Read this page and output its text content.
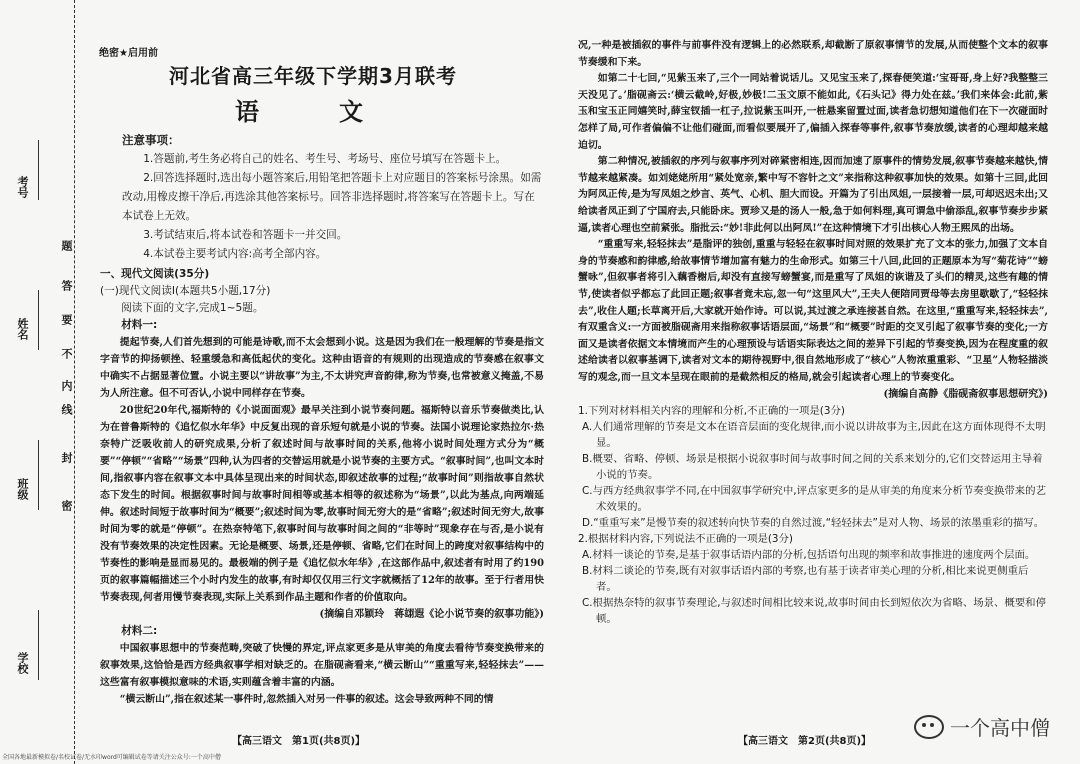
考号
姓名
班级
学校
密
封
线
内
不
要
答
题
绝密★启用前
河北省高三年级下学期3月联考
语　文
注意事项：
1.答题前,考生务必将自己的姓名、考生号、考场号、座位号填写在答题卡上。
2.回答选择题时,选出每小题答案后,用铅笔把答题卡上对应题目的答案标号涂黑。如需改动,用橡皮擦干净后,再选涂其他答案标号。回答非选择题时,将答案写在答题卡上。写在本试卷上无效。
3.考试结束后,将本试卷和答题卡一并交回。
4.本试卷主要考试内容:高考全部内容。
一、现代文阅读(35分)
(一)现代文阅读Ⅰ(本题共5小题,17分)
阅读下面的文字,完成1~5题。
材料一:
提起节奏,人们首先想到的可能是诗歌,而不太会想到小说。这是因为我们在一般理解的节奏是指文字音节的抑扬顿挫、轻重缓急和高低起伏的变化。这种由语音的有规则的出现造成的节奏感在叙事文中确实不占据显著位置。小说主要以“讲故事”为主,不太讲究声音韵律,称为节奏,也常被意义掩盖,不易为人所注意。但不可否认,小说中同样存在节奏。
20世纪20年代,福斯特的《小说面面观》最早关注到小说节奏问题。福斯特以音乐节奏做类比,认为在普鲁斯特的《追忆似水年华》中反复出现的音乐短句就是小说的节奏。法国小说理论家热拉尔·热奈特广泛吸收前人的研究成果,分析了叙述时间与故事时间的关系,他将小说时间处理方式分为“概要”“停顿”“省略”“场景”四种,认为四者的交替运用就是小说节奏的主要方式。“叙事时间”,也叫文本时间,指叙事内容在叙事文本中具体呈现出来的时间状态,即叙述故事的过程;“故事时间”则指故事自然状态下发生的时间。根据叙事时间与故事时间相等或基本相等的叙述称为“场景”,以此为基点,向两端延伸。叙述时间短于故事时间为“概要”;叙述时间为零,故事时间无穷大的是“省略”;叙述时间无穷大,故事时间为零的就是“停顿”。在热奈特笔下,叙事时间与故事时间之间的“非等时”现象存在与否,是小说有没有节奏效果的决定性因素。无论是概要、场景,还是停顿、省略,它们在时间上的跨度对叙事结构中的节奏性的影响是显而易见的。最极端的例子是《追忆似水年华》,在这部作品中,叙述者有时用了约190页的叙事篇幅描述三个小时内发生的故事,有时却仅仅用三行文字就概括了12年的故事。至于行者用快节奏表现,何者用慢节奏表现,实际上关系到作品主题和作者的价值取向。
(摘编自邓颖玲　蒋翃遐《论小说节奏的叙事功能》)
材料二:
中国叙事思想中的节奏范畴,突破了快慢的界定,评点家更多是从审美的角度去看待节奏变换带来的叙事效果,这恰恰是西方经典叙事学相对缺乏的。在脂砚斋看来,“横云断山”“重重写来,轻轻抹去”——这些富有叙事模拟意味的术语,实则蕴含着丰富的内涵。
“横云断山”,指在叙述某一事件时,忽然插入对另一件事的叙述。这会导致两种不同的情
【高三语文　第1页(共8页)】
况,一种是被插叙的事件与前事件没有逻辑上的必然联系,却截断了原叙事情节的发展,从而使整个文本的叙事节奏缓和下来。
如第二十七回,“见紫玉来了,三个一同站着说话儿。又见宝玉来了,探春便笑道:‘宝哥哥,身上好?我整整三天没见了。’脂砚斋云:‘横云截岭,好极,妙极!二玉文原不能如此,《石头记》得力处在兹。’我们来体会:此前,紫玉和宝玉正同嬉笑时,薛宝钗插一杠子,拉说紫玉叫开,一桩悬案留置过面,读者急切想知道他们在下一次碰面时怎样了局,可作者偏偏不让他们碰面,而看似要展开了,偏插入探春等事件,叙事节奏放缓,读者的心理却越来越迫切。
第二种情况,被插叙的序列与叙事序列对碎紧密相连,因而加速了原事件的情势发展,叙事节奏越来越快,情节越来越紧凑。如刘姥姥所用“紧处宽亲,繁中写不容针之文”来指称这种叙事加快的效果。如第十三回,此回为阿凤正传,是为写凤姐之炒言、英气、心机、胆大而设。开篇为了引出凤姐,一层接着一层,可却迟迟未出;又给读者凤正到了宁国府去,只能卧床。贾珍又是的汤人一般,急于如何料理,真可谓急中偷添乱,叙事节奏步步紧逼,读者心理也空前紧张。脂批云:“妙!非此何以出阿凤!”在这种情境下才引出核心人物王熙凤的出场。
“重重写来,轻轻抹去”是脂评的独创,重重与轻轻在叙事时间对照的效果扩充了文本的张力,加强了文本自身的节奏感和韵律感,给故事情节增加富有魅力的生命形式。如第三十八回,此回的正题原本为写“菊花诗”“螃蟹咏”,但叙事者将引入藕香榭后,却没有直接写螃蟹宴,而是重写了凤姐的诙谐及了头们的精灵,这些有趣的情节,使读者似乎都忘了此回正题;叙事者竟未忘,忽一句“这里风大”,王夫人便陪同贾母等去房里歇歇了,“轻轻抹去”,收住人题;长草离开后,大家就开始作诗。可以说,其过渡之承连接甚自然。在这里,“重重写来,轻轻抹去”,有双重含义:一方面被脂砚斋用来指称叙事话语层面,“场景”和“概要”时距的交叉引起了叙事节奏的变化;一方面又是读者依据文本情境而产生的心理预设与话语实际表达之间的差异下引起的节奏变换,因为在程度重的叙述给读者以叙事基调下,读者对文本的期待视野中,很自然地形成了“核心”人物浓重重彩、“卫星”人物轻描淡写的观念,而一旦文本呈现在眼前的是截然相反的格局,就会引起读者心理上的节奏变化。
(摘编自高静《脂砚斋叙事思想研究》)
1.下列对材料相关内容的理解和分析,不正确的一项是(3分)
A.人们通常理解的节奏是文本在语音层面的变化规律,而小说以讲故事为主,因此在这方面体现得不太明显。
B.概要、省略、停顿、场景是根据小说叙事时间与故事时间之间的关系来划分的,它们交替运用主导着小说的节奏。
C.与西方经典叙事学不同,在中国叙事学研究中,评点家更多的是从审美的角度来分析节奏变换带来的艺术效果的。
D.“重重写来”是慢节奏的叙述转向快节奏的自然过渡,“轻轻抹去”是对人物、场景的浓墨重彩的描写。
2.根据材料内容,下列说法不正确的一项是(3分)
A.材料一谈论的节奏,是基于叙事话语内部的分析,包括语句出现的频率和故事推进的速度两个层面。
B.材料二谈论的节奏,既有对叙事话语内部的考察,也有基于读者审美心理的分析,相比来说更侧重后者。
C.根据热奈特的叙事节奏理论,与叙述时间相比较来说,故事时间由长到短依次为省略、场景、概要和停顿。
【高三语文　第2页(共8页)】
全国各地最新模拟卷/名校试卷/无水印word可编辑试卷等请关注公众号:一个高中僧
一个高中僧
